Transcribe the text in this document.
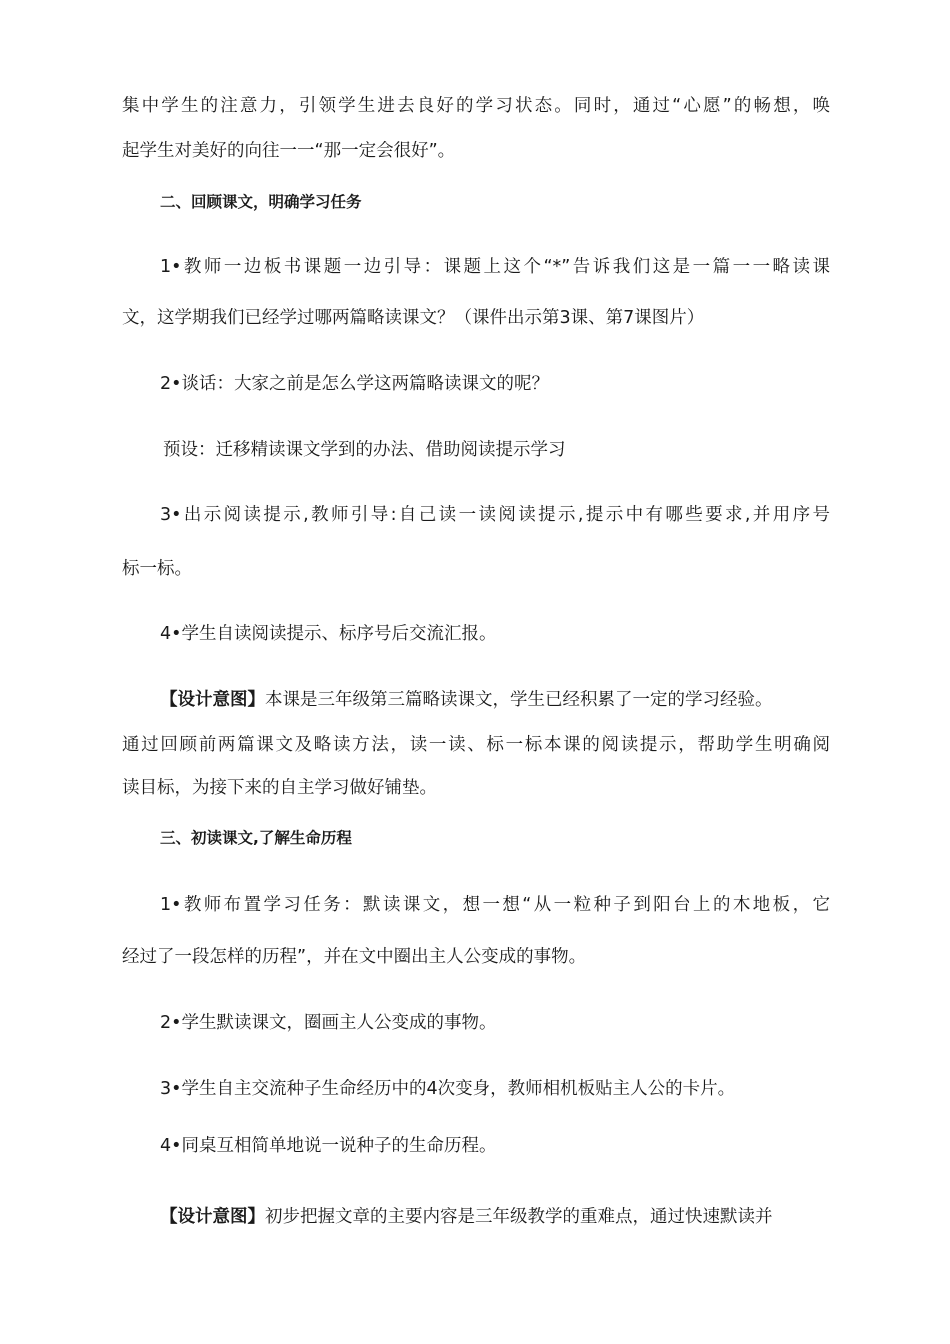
集中学生的注意力，引领学生进去良好的学习状态。同时，通过“心愿”的畅想，唤

起学生对美好的向往一一“那一定会很好”。

二、回顾课文，明确学习任务

1•教师一边板书课题一边引导：课题上这个“*”告诉我们这是一篇一一略读课

文，这学期我们已经学过哪两篇略读课文？（课件出示第3课、第7课图片）

2•谈话：大家之前是怎么学这两篇略读课文的呢？

预设：迁移精读课文学到的办法、借助阅读提示学习

3•出示阅读提示,教师引导:自己读一读阅读提示,提示中有哪些要求,并用序号

标一标。

4•学生自读阅读提示、标序号后交流汇报。

【设计意图】本课是三年级第三篇略读课文，学生已经积累了一定的学习经验。

通过回顾前两篇课文及略读方法，读一读、标一标本课的阅读提示，帮助学生明确阅

读目标，为接下来的自主学习做好铺垫。

三、初读课文,了解生命历程

1•教师布置学习任务：默读课文，想一想“从一粒种子到阳台上的木地板，它

经过了一段怎样的历程”，并在文中圈出主人公变成的事物。

2•学生默读课文，圈画主人公变成的事物。

3•学生自主交流种子生命经历中的4次变身，教师相机板贴主人公的卡片。

4•同桌互相简单地说一说种子的生命历程。

【设计意图】初步把握文章的主要内容是三年级教学的重难点，通过快速默读并
